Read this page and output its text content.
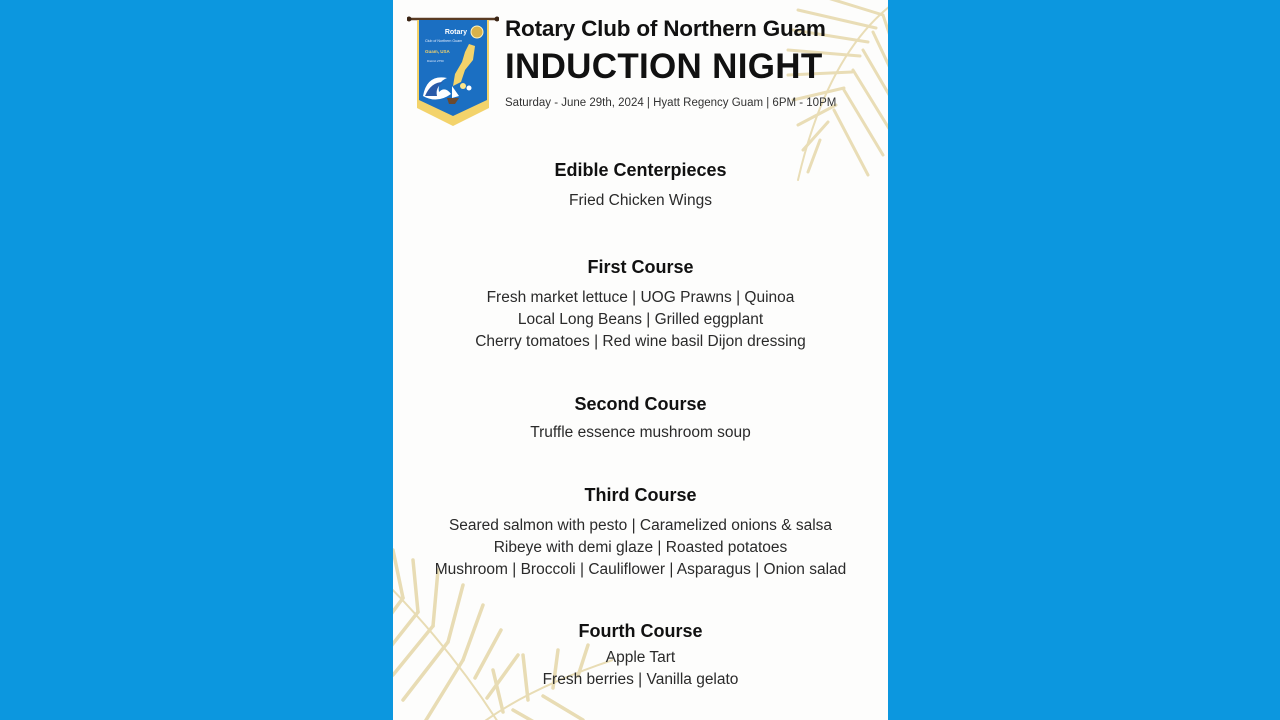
Rotary
Club of Northern Guam
Guam, USA
District 2750
Rotary Club of Northern Guam
INDUCTION NIGHT
Saturday - June 29th, 2024 | Hyatt Regency Guam | 6PM - 10PM
Edible Centerpieces
Fried Chicken Wings
First Course
Fresh market lettuce | UOG Prawns | Quinoa
Local Long Beans | Grilled eggplant
Cherry tomatoes | Red wine basil Dijon dressing
Second Course
Truffle essence mushroom soup
Third Course
Seared salmon with pesto | Caramelized onions & salsa
Ribeye with demi glaze | Roasted potatoes
Mushroom | Broccoli | Cauliflower | Asparagus | Onion salad
Fourth Course
Apple Tart
Fresh berries | Vanilla gelato
